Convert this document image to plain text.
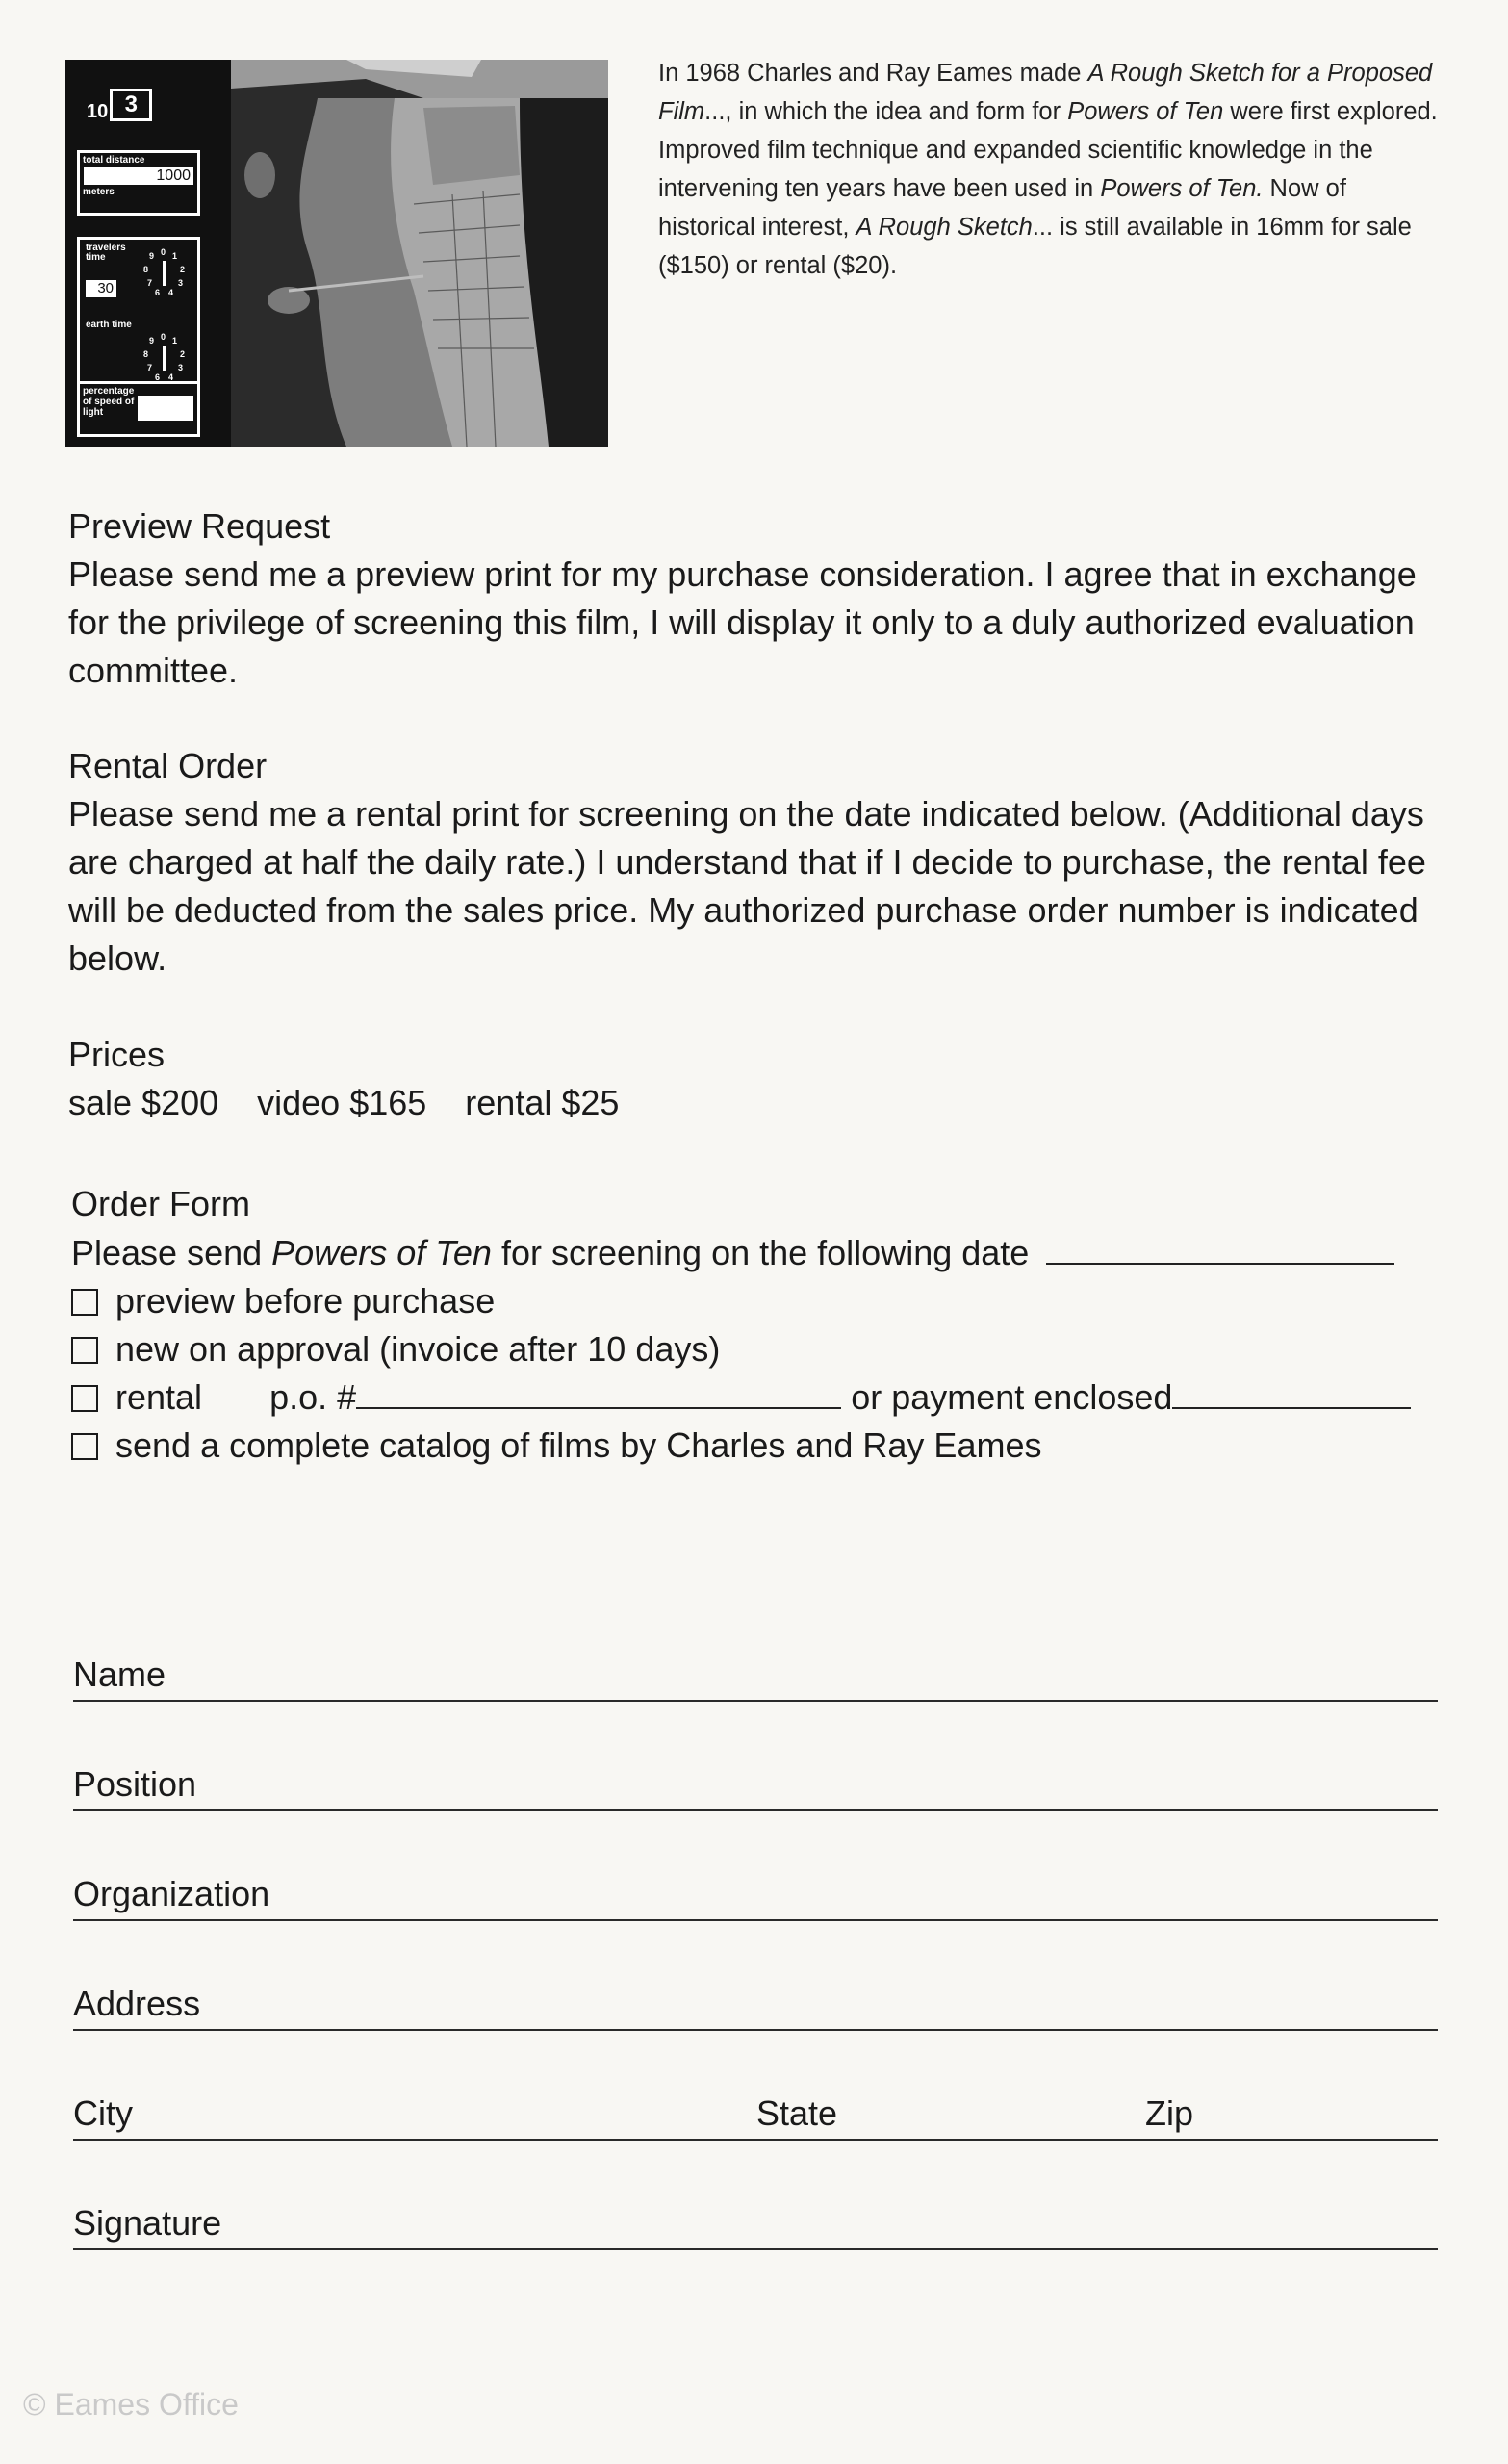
10 3
total distance
1000
meters
travelers time
30
0
9 1
8	2
7	3
6 4
earth time
0
9 1
8	2
7	3
6 4
percentage of speed of light
In 1968 Charles and Ray Eames made A Rough Sketch for a Proposed Film..., in which the idea and form for Powers of Ten were first explored. Improved film technique and expanded scientific knowledge in the intervening ten years have been used in Powers of Ten. Now of historical interest, A Rough Sketch... is still available in 16mm for sale ($150) or rental ($20).
Preview Request
Please send me a preview print for my purchase consideration. I agree that in exchange for the privilege of screening this film, I will display it only to a duly authorized evaluation committee.
Rental Order
Please send me a rental print for screening on the date indicated below. (Additional days are charged at half the daily rate.) I understand that if I decide to purchase, the rental fee will be deducted from the sales price. My authorized purchase order number is indicated below.
Prices
sale $200 video $165 rental $25
Order Form
Please send Powers of Ten for screening on the following date
preview before purchase
new on approval (invoice after 10 days)
rental p.o. #	or payment enclosed
send a complete catalog of films by Charles and Ray Eames
Name
Position
Organization
Address
City	State	Zip
Signature
© Eames Office
